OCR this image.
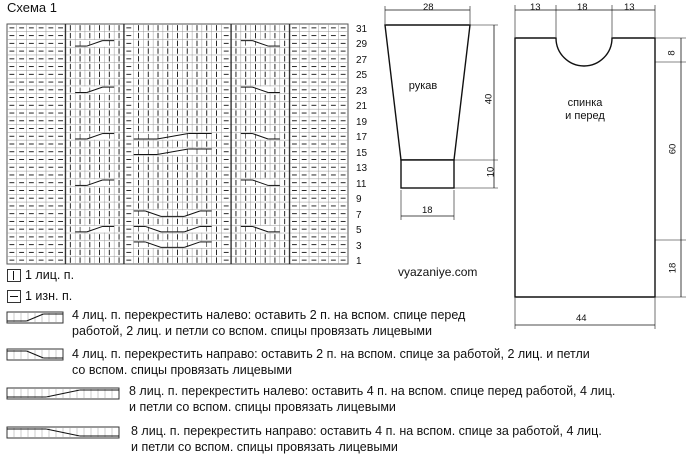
Схема 1
31
29
27
25
23
21
19
17
15
13
11
9
7
5
3
1
1 лиц. п.
1 изн. п.
4 лиц. п. перекрестить налево: оставить 2 п. на вспом. спице перед
работой, 2 лиц. и петли со вспом. спицы провязать лицевыми
4 лиц. п. перекрестить направо: оставить 2 п. на вспом. спице за работой, 2 лиц. и петли
со вспом. спицы провязать лицевыми
8 лиц. п. перекрестить налево: оставить 4 п. на вспом. спице перед работой, 4 лиц.
и петли со вспом. спицы провязать лицевыми
8 лиц. п. перекрестить направо: оставить 4 п. на вспом. спице за работой, 4 лиц.
и петли со вспом. спицы провязать лицевыми
28
рукав
40
10
18
13	18	13
8
60
18
44
спинка
и перед
vyazaniye.com
